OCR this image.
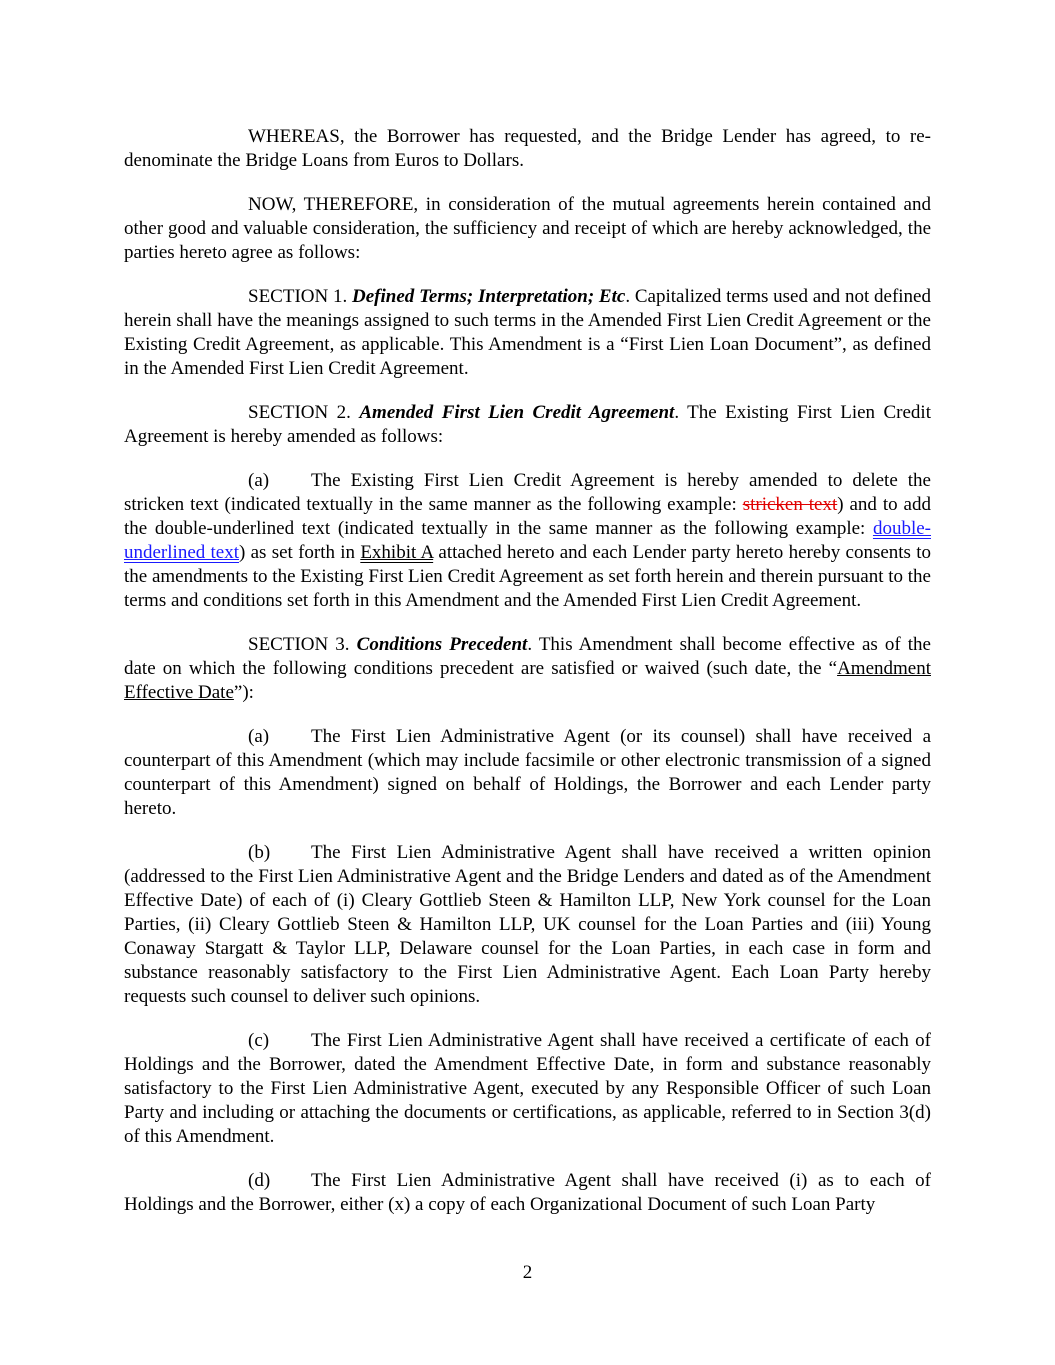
WHEREAS, the Borrower has requested, and the Bridge Lender has agreed, to re-denominate the Bridge Loans from Euros to Dollars.

NOW, THEREFORE, in consideration of the mutual agreements herein contained and other good and valuable consideration, the sufficiency and receipt of which are hereby acknowledged, the parties hereto agree as follows:

SECTION 1. Defined Terms; Interpretation; Etc. Capitalized terms used and not defined herein shall have the meanings assigned to such terms in the Amended First Lien Credit Agreement or the Existing Credit Agreement, as applicable. This Amendment is a “First Lien Loan Document”, as defined in the Amended First Lien Credit Agreement.

SECTION 2. Amended First Lien Credit Agreement. The Existing First Lien Credit Agreement is hereby amended as follows:

(a) The Existing First Lien Credit Agreement is hereby amended to delete the stricken text (indicated textually in the same manner as the following example: stricken text) and to add the double-underlined text (indicated textually in the same manner as the following example: double-underlined text) as set forth in Exhibit A attached hereto and each Lender party hereto hereby consents to the amendments to the Existing First Lien Credit Agreement as set forth herein and therein pursuant to the terms and conditions set forth in this Amendment and the Amended First Lien Credit Agreement.

SECTION 3. Conditions Precedent. This Amendment shall become effective as of the date on which the following conditions precedent are satisfied or waived (such date, the “Amendment Effective Date”):

(a) The First Lien Administrative Agent (or its counsel) shall have received a counterpart of this Amendment (which may include facsimile or other electronic transmission of a signed counterpart of this Amendment) signed on behalf of Holdings, the Borrower and each Lender party hereto.

(b) The First Lien Administrative Agent shall have received a written opinion (addressed to the First Lien Administrative Agent and the Bridge Lenders and dated as of the Amendment Effective Date) of each of (i) Cleary Gottlieb Steen & Hamilton LLP, New York counsel for the Loan Parties, (ii) Cleary Gottlieb Steen & Hamilton LLP, UK counsel for the Loan Parties and (iii) Young Conaway Stargatt & Taylor LLP, Delaware counsel for the Loan Parties, in each case in form and substance reasonably satisfactory to the First Lien Administrative Agent. Each Loan Party hereby requests such counsel to deliver such opinions.

(c) The First Lien Administrative Agent shall have received a certificate of each of Holdings and the Borrower, dated the Amendment Effective Date, in form and substance reasonably satisfactory to the First Lien Administrative Agent, executed by any Responsible Officer of such Loan Party and including or attaching the documents or certifications, as applicable, referred to in Section 3(d) of this Amendment.

(d) The First Lien Administrative Agent shall have received (i) as to each of Holdings and the Borrower, either (x) a copy of each Organizational Document of such Loan Party

2
